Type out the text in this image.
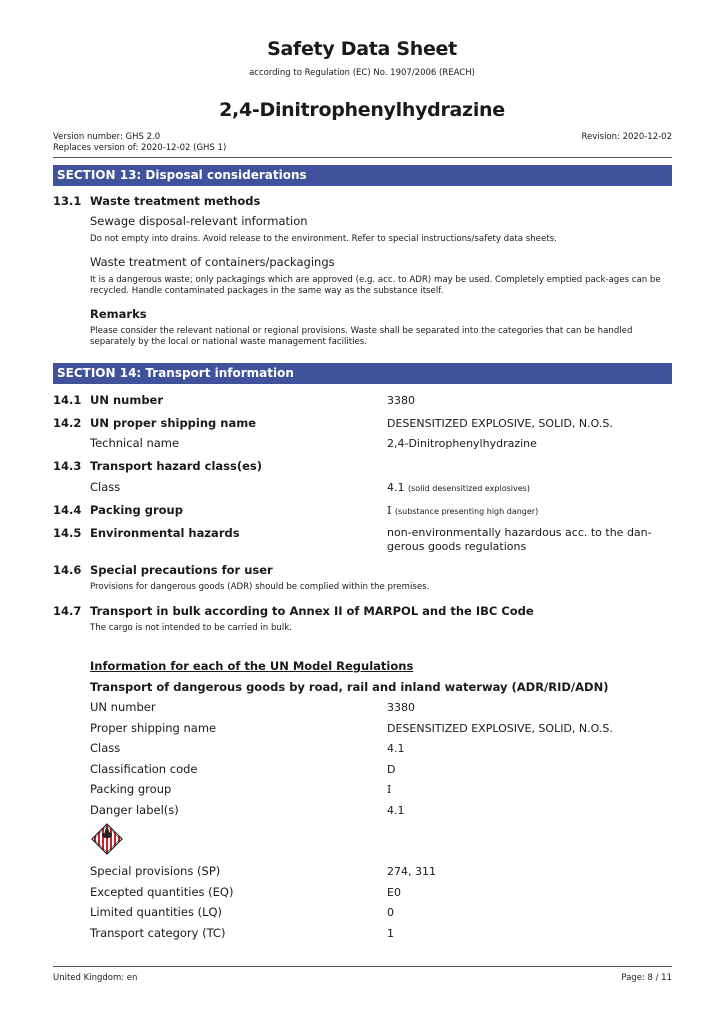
Safety Data Sheet
according to Regulation (EC) No. 1907/2006 (REACH)
2,4-Dinitrophenylhydrazine
Version number: GHS 2.0
Replaces version of: 2020-12-02 (GHS 1)
Revision: 2020-12-02
SECTION 13: Disposal considerations
13.1 Waste treatment methods
Sewage disposal-relevant information
Do not empty into drains. Avoid release to the environment. Refer to special instructions/safety data sheets.
Waste treatment of containers/packagings
It is a dangerous waste; only packagings which are approved (e.g. acc. to ADR) may be used. Completely emptied pack-ages can be recycled. Handle contaminated packages in the same way as the substance itself.
Remarks
Please consider the relevant national or regional provisions. Waste shall be separated into the categories that can be handled separately by the local or national waste management facilities.
SECTION 14: Transport information
14.1 UN number	3380
14.2 UN proper shipping name	DESENSITIZED EXPLOSIVE, SOLID, N.O.S.
Technical name	2,4-Dinitrophenylhydrazine
14.3 Transport hazard class(es)
Class	4.1 (solid desensitized explosives)
14.4 Packing group	I (substance presenting high danger)
14.5 Environmental hazards	non-environmentally hazardous acc. to the dan-gerous goods regulations
14.6 Special precautions for user
Provisions for dangerous goods (ADR) should be complied within the premises.
14.7 Transport in bulk according to Annex II of MARPOL and the IBC Code
The cargo is not intended to be carried in bulk.
Information for each of the UN Model Regulations
Transport of dangerous goods by road, rail and inland waterway (ADR/RID/ADN)
UN number	3380
Proper shipping name	DESENSITIZED EXPLOSIVE, SOLID, N.O.S.
Class	4.1
Classification code	D
Packing group	I
Danger label(s)	4.1
Special provisions (SP)	274, 311
Excepted quantities (EQ)	E0
Limited quantities (LQ)	0
Transport category (TC)	1
United Kingdom: en	Page: 8 / 11
